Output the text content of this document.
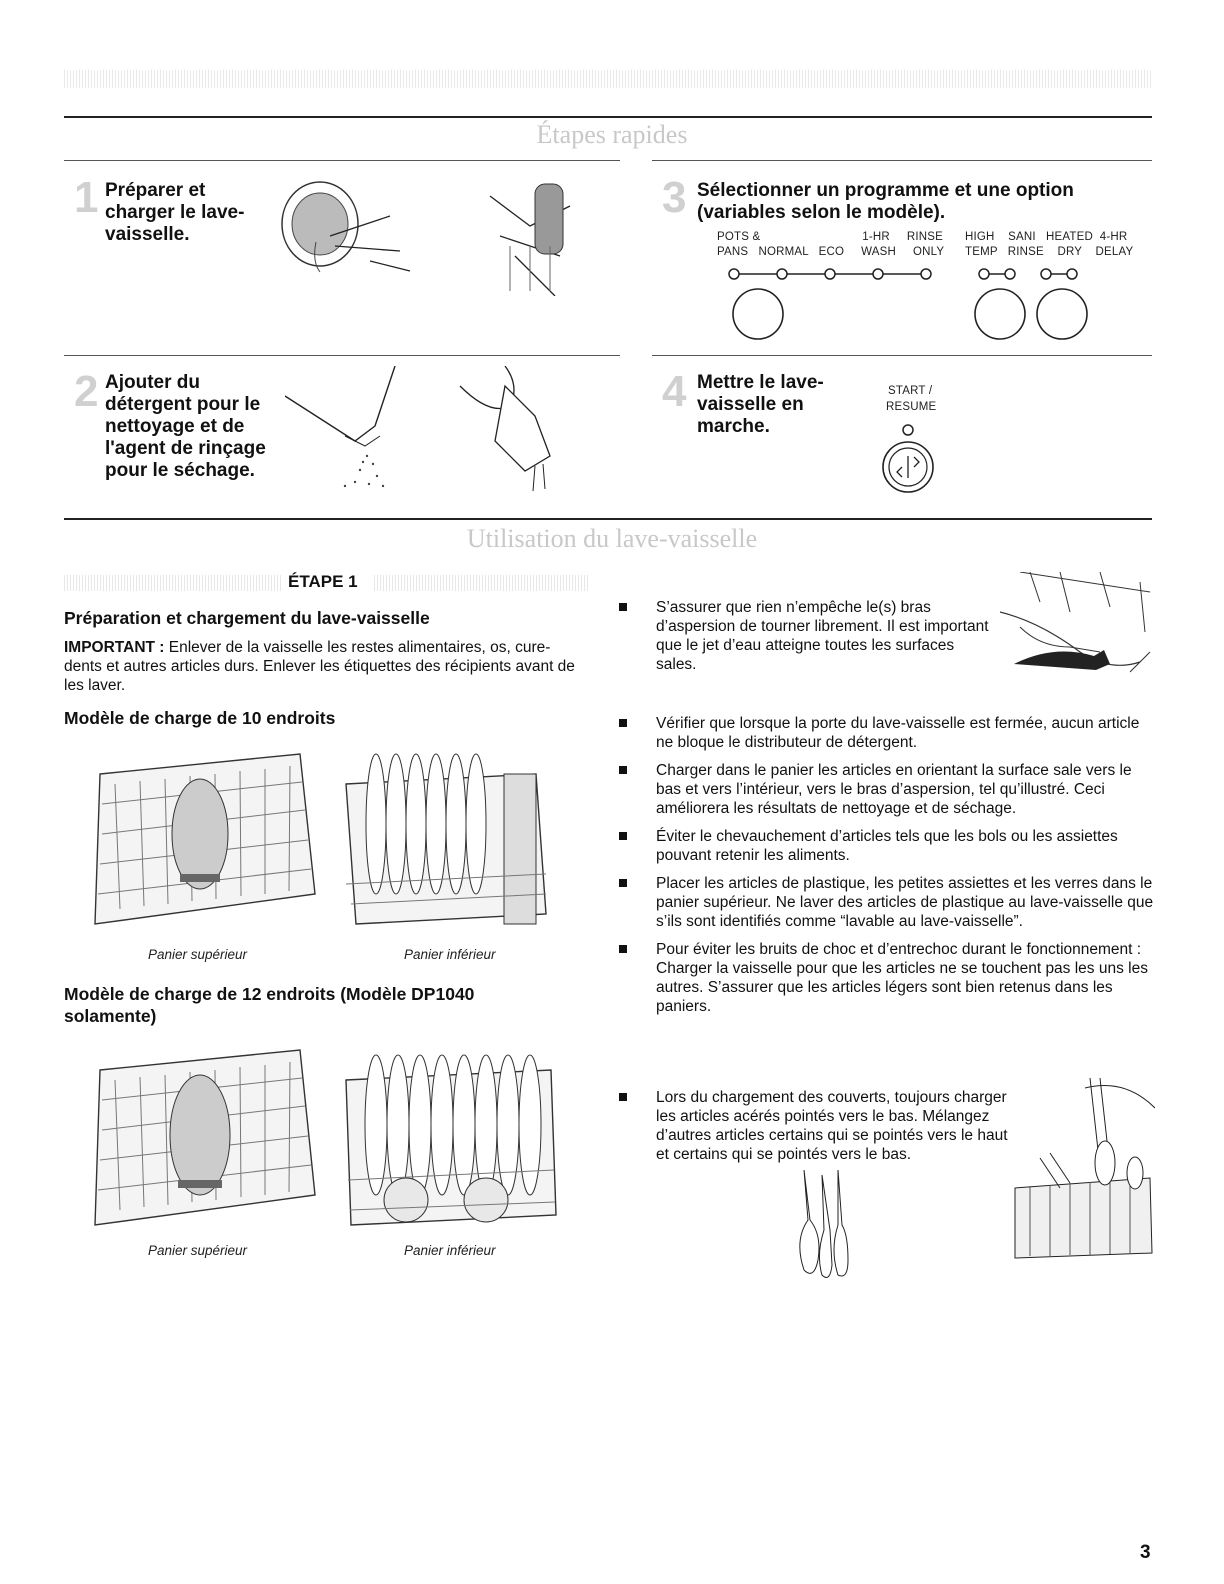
Étapes rapides
1 Préparer et charger le lave-vaisselle.
3 Sélectionner un programme et une option (variables selon le modèle).
POTS &                              1-HR     RINSE
PANS   NORMAL   ECO     WASH     ONLY
HIGH    SANI   HEATED  4-HR
TEMP   RINSE    DRY    DELAY
2 Ajouter du détergent pour le nettoyage et de l'agent de rinçage pour le séchage.
4 Mettre le lave-vaisselle en marche.
START /
RESUME
Utilisation du lave-vaisselle
ÉTAPE 1
Préparation et chargement du lave-vaisselle
IMPORTANT : Enlever de la vaisselle les restes alimentaires, os, cure-dents et autres articles durs. Enlever les étiquettes des récipients avant de les laver.
Modèle de charge de 10 endroits
Panier supérieur	Panier inférieur
Modèle de charge de 12 endroits (Modèle DP1040 solamente)
Panier supérieur	Panier inférieur
S’assurer que rien n’empêche le(s) bras d’aspersion de tourner librement. Il est important que le jet d’eau atteigne toutes les surfaces sales.
Vérifier que lorsque la porte du lave-vaisselle est fermée, aucun article ne bloque le distributeur de détergent.
Charger dans le panier les articles en orientant la surface sale vers le bas et vers l’intérieur, vers le bras d’aspersion, tel qu’illustré. Ceci améliorera les résultats de nettoyage et de séchage.
Éviter le chevauchement d’articles tels que les bols ou les assiettes pouvant retenir les aliments.
Placer les articles de plastique, les petites assiettes et les verres dans le panier supérieur. Ne laver des articles de plastique au lave-vaisselle que s’ils sont identifiés comme “lavable au lave-vaisselle”.
Pour éviter les bruits de choc et d’entrechoc durant le fonctionnement : Charger la vaisselle pour que les articles ne se touchent pas les uns les autres. S’assurer que les articles légers sont bien retenus dans les paniers.
Lors du chargement des couverts, toujours charger les articles acérés pointés vers le bas. Mélangez d’autres articles certains qui se pointés vers le haut et certains qui se pointés vers le bas.
3
